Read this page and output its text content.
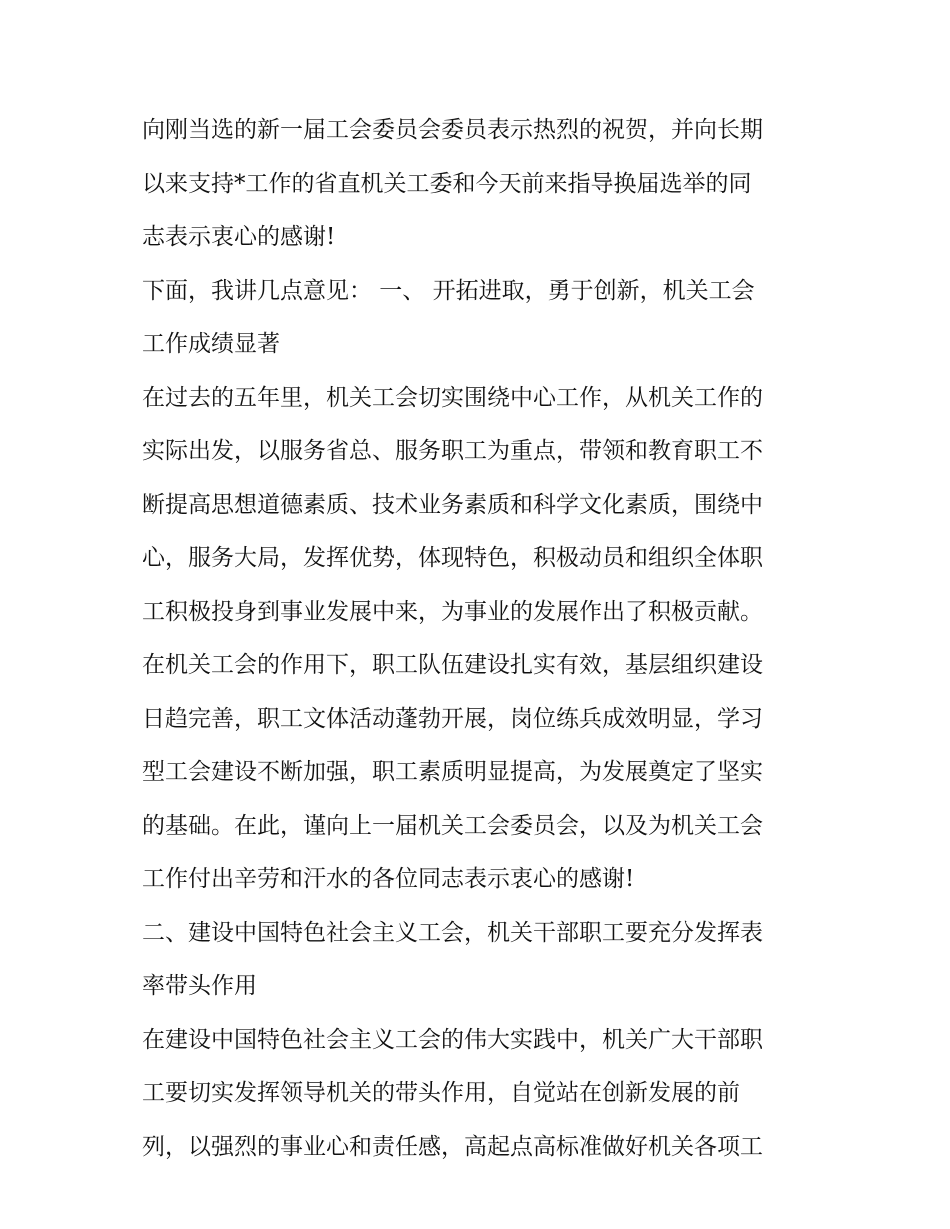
向刚当选的新一届工会委员会委员表示热烈的祝贺，并向长期
以来支持*工作的省直机关工委和今天前来指导换届选举的同
志表示衷心的感谢!

下面，我讲几点意见： 一、 开拓进取，勇于创新，机关工会
工作成绩显著

在过去的五年里，机关工会切实围绕中心工作，从机关工作的
实际出发，以服务省总、服务职工为重点，带领和教育职工不
断提高思想道德素质、技术业务素质和科学文化素质，围绕中
心，服务大局，发挥优势，体现特色，积极动员和组织全体职
工积极投身到事业发展中来，为事业的发展作出了积极贡献。

在机关工会的作用下，职工队伍建设扎实有效，基层组织建设
日趋完善，职工文体活动蓬勃开展，岗位练兵成效明显，学习
型工会建设不断加强，职工素质明显提高，为发展奠定了坚实
的基础。在此，谨向上一届机关工会委员会，以及为机关工会
工作付出辛劳和汗水的各位同志表示衷心的感谢!

二、建设中国特色社会主义工会，机关干部职工要充分发挥表
率带头作用

在建设中国特色社会主义工会的伟大实践中，机关广大干部职
工要切实发挥领导机关的带头作用，自觉站在创新发展的前
列，以强烈的事业心和责任感，高起点高标准做好机关各项工
